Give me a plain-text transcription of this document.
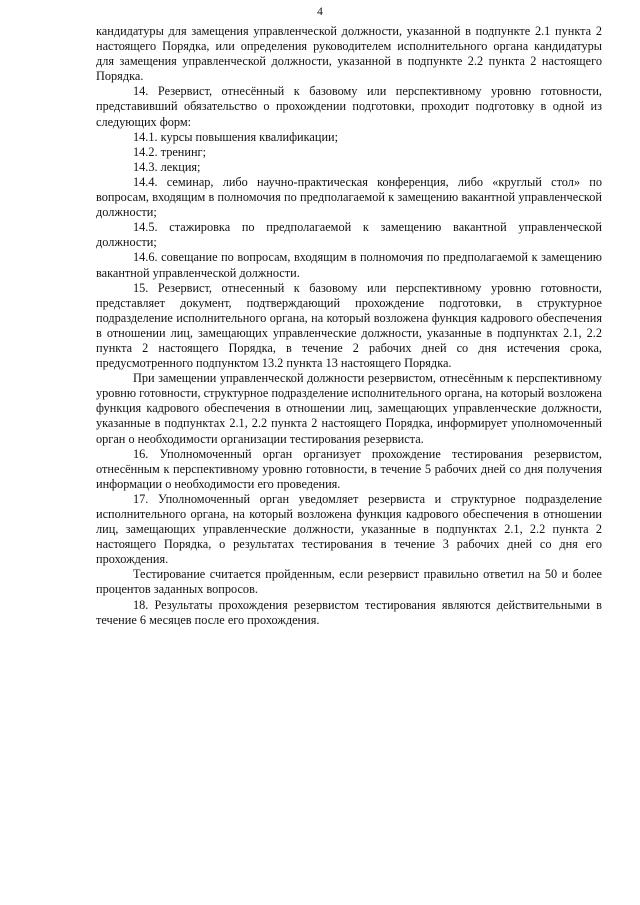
4

кандидатуры для замещения управленческой должности, указанной в подпункте 2.1 пункта 2 настоящего Порядка, или определения руководителем исполнительного органа кандидатуры для замещения управленческой должности, указанной в подпункте 2.2 пункта 2 настоящего Порядка.

14. Резервист, отнесённый к базовому или перспективному уровню готовности, представивший обязательство о прохождении подготовки, проходит подготовку в одной из следующих форм:

14.1. курсы повышения квалификации;

14.2. тренинг;

14.3. лекция;

14.4. семинар, либо научно-практическая конференция, либо «круглый стол» по вопросам, входящим в полномочия по предполагаемой к замещению вакантной управленческой должности;

14.5. стажировка по предполагаемой к замещению вакантной управленческой должности;

14.6. совещание по вопросам, входящим в полномочия по предполагаемой к замещению вакантной управленческой должности.

15. Резервист, отнесенный к базовому или перспективному уровню готовности, представляет документ, подтверждающий прохождение подготовки, в структурное подразделение исполнительного органа, на который возложена функция кадрового обеспечения в отношении лиц, замещающих управленческие должности, указанные в подпунктах 2.1, 2.2 пункта 2 настоящего Порядка, в течение 2 рабочих дней со дня истечения срока, предусмотренного подпунктом 13.2 пункта 13 настоящего Порядка.

При замещении управленческой должности резервистом, отнесённым к перспективному уровню готовности, структурное подразделение исполнительного органа, на который возложена функция кадрового обеспечения в отношении лиц, замещающих управленческие должности, указанные в подпунктах 2.1, 2.2 пункта 2 настоящего Порядка, информирует уполномоченный орган о необходимости организации тестирования резервиста.

16. Уполномоченный орган организует прохождение тестирования резервистом, отнесённым к перспективному уровню готовности, в течение 5 рабочих дней со дня получения информации о необходимости его проведения.

17. Уполномоченный орган уведомляет резервиста и структурное подразделение исполнительного органа, на который возложена функция кадрового обеспечения в отношении лиц, замещающих управленческие должности, указанные в подпунктах 2.1, 2.2 пункта 2 настоящего Порядка, о результатах тестирования в течение 3 рабочих дней со дня его прохождения.

Тестирование считается пройденным, если резервист правильно ответил на 50 и более процентов заданных вопросов.

18. Результаты прохождения резервистом тестирования являются действительными в течение 6 месяцев после его прохождения.
